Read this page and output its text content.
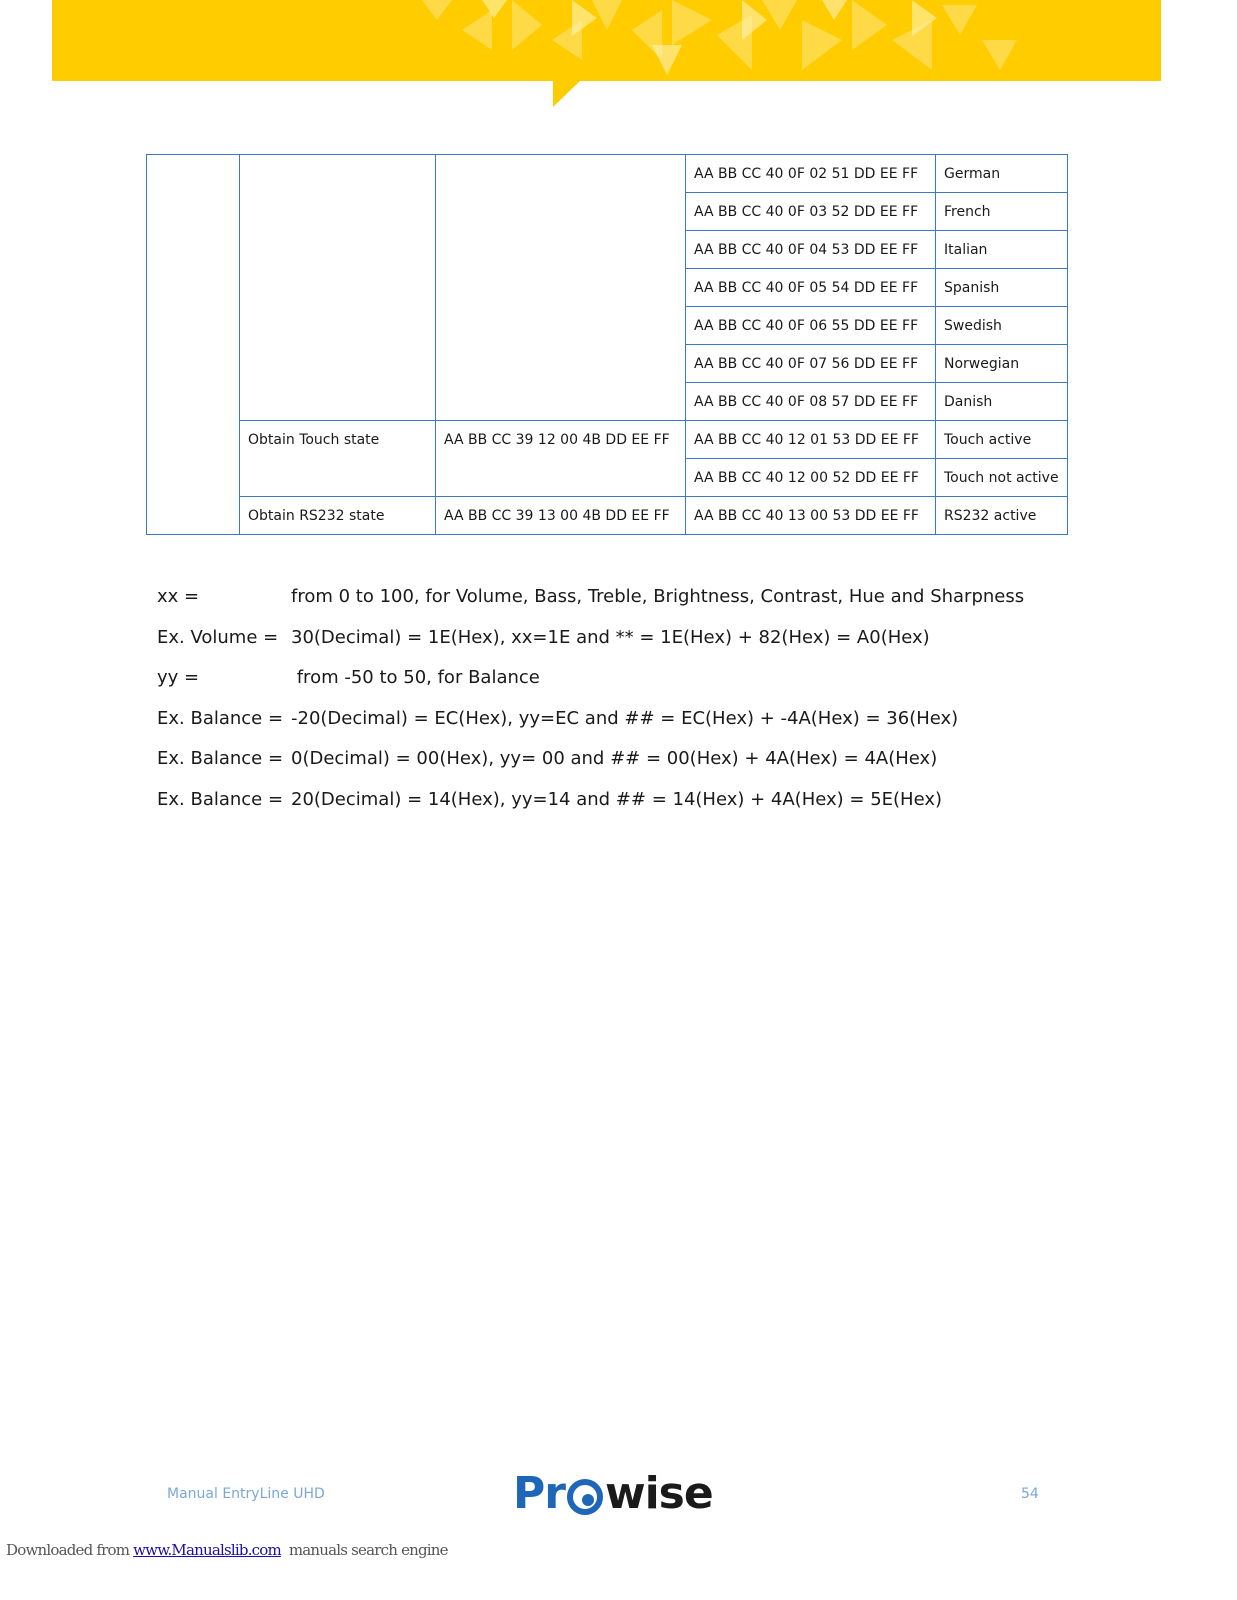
			AA BB CC 40 0F 02 51 DD EE FF	German
			AA BB CC 40 0F 03 52 DD EE FF	French
			AA BB CC 40 0F 04 53 DD EE FF	Italian
			AA BB CC 40 0F 05 54 DD EE FF	Spanish
			AA BB CC 40 0F 06 55 DD EE FF	Swedish
			AA BB CC 40 0F 07 56 DD EE FF	Norwegian
			AA BB CC 40 0F 08 57 DD EE FF	Danish
	Obtain Touch state	AA BB CC 39 12 00 4B DD EE FF	AA BB CC 40 12 01 53 DD EE FF	Touch active
			AA BB CC 40 12 00 52 DD EE FF	Touch not active
	Obtain RS232 state	AA BB CC 39 13 00 4B DD EE FF	AA BB CC 40 13 00 53 DD EE FF	RS232 active
xx =	from 0 to 100, for Volume, Bass, Treble, Brightness, Contrast, Hue and Sharpness
Ex. Volume = 30(Decimal) = 1E(Hex), xx=1E and ** = 1E(Hex) + 82(Hex) = A0(Hex)
yy =	from -50 to 50, for Balance
Ex. Balance = -20(Decimal) = EC(Hex), yy=EC and ## = EC(Hex) + -4A(Hex) = 36(Hex)
Ex. Balance = 0(Decimal) = 00(Hex), yy= 00 and ## = 00(Hex) + 4A(Hex) = 4A(Hex)
Ex. Balance = 20(Decimal) = 14(Hex), yy=14 and ## = 14(Hex) + 4A(Hex) = 5E(Hex)
Manual EntryLine UHD	Pr wise	54
Downloaded from www.Manualslib.com  manuals search engine
